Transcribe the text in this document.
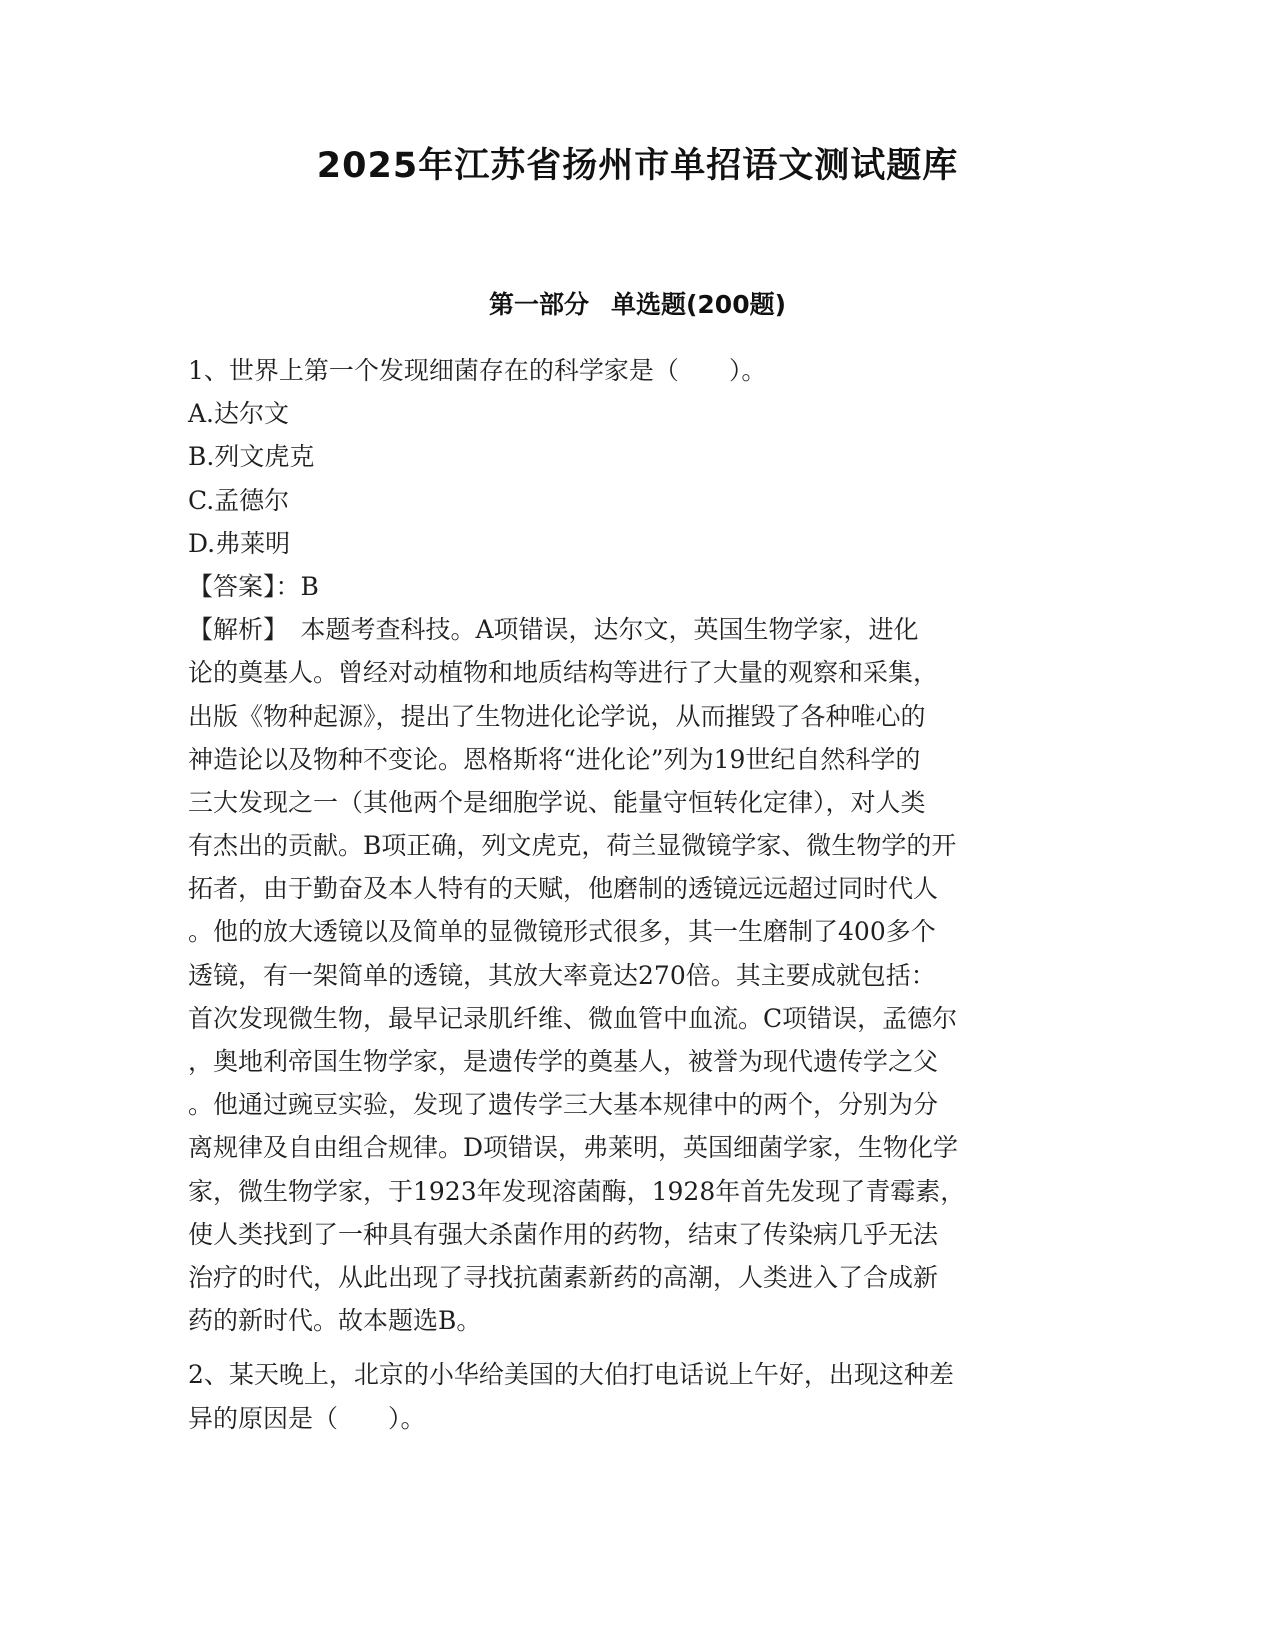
2025年江苏省扬州市单招语文测试题库
第一部分 单选题(200题)
1、世界上第一个发现细菌存在的科学家是（　　）。
A.达尔文
B.列文虎克
C.孟德尔
D.弗莱明
【答案】：B
【解析】　本题考查科技。A项错误，达尔文，英国生物学家，进化
论的奠基人。曾经对动植物和地质结构等进行了大量的观察和采集，
出版《物种起源》，提出了生物进化论学说，从而摧毁了各种唯心的
神造论以及物种不变论。恩格斯将“进化论”列为19世纪自然科学的
三大发现之一（其他两个是细胞学说、能量守恒转化定律），对人类
有杰出的贡献。B项正确，列文虎克，荷兰显微镜学家、微生物学的开
拓者，由于勤奋及本人特有的天赋，他磨制的透镜远远超过同时代人
。他的放大透镜以及简单的显微镜形式很多，其一生磨制了400多个
透镜，有一架简单的透镜，其放大率竟达270倍。其主要成就包括：
首次发现微生物，最早记录肌纤维、微血管中血流。C项错误，孟德尔
，奥地利帝国生物学家，是遗传学的奠基人，被誉为现代遗传学之父
。他通过豌豆实验，发现了遗传学三大基本规律中的两个，分别为分
离规律及自由组合规律。D项错误，弗莱明，英国细菌学家，生物化学
家，微生物学家，于1923年发现溶菌酶，1928年首先发现了青霉素，
使人类找到了一种具有强大杀菌作用的药物，结束了传染病几乎无法
治疗的时代，从此出现了寻找抗菌素新药的高潮，人类进入了合成新
药的新时代。故本题选B。
2、某天晚上，北京的小华给美国的大伯打电话说上午好，出现这种差
异的原因是（　　）。
